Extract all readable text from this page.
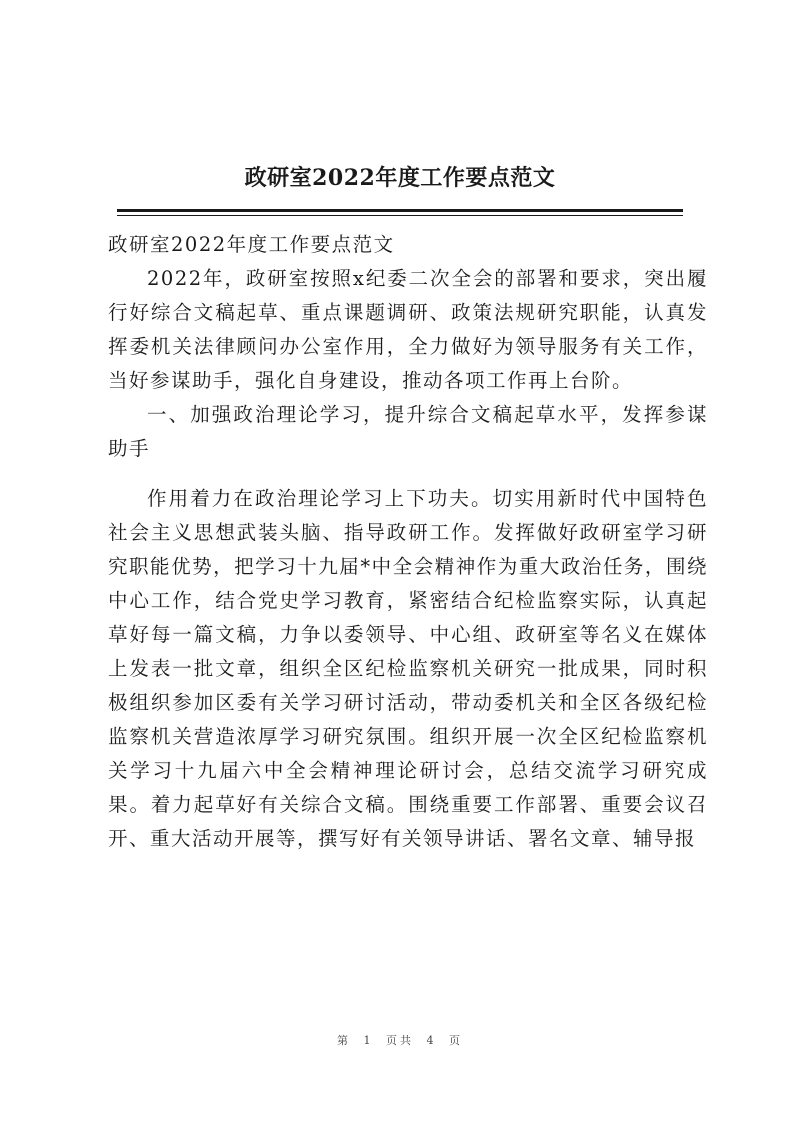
政研室2022年度工作要点范文

政研室2022年度工作要点范文

2022年，政研室按照x纪委二次全会的部署和要求，突出履行好综合文稿起草、重点课题调研、政策法规研究职能，认真发挥委机关法律顾问办公室作用，全力做好为领导服务有关工作，当好参谋助手，强化自身建设，推动各项工作再上台阶。

一、加强政治理论学习，提升综合文稿起草水平，发挥参谋助手

作用着力在政治理论学习上下功夫。切实用新时代中国特色社会主义思想武装头脑、指导政研工作。发挥做好政研室学习研究职能优势，把学习十九届*中全会精神作为重大政治任务，围绕中心工作，结合党史学习教育，紧密结合纪检监察实际，认真起草好每一篇文稿，力争以委领导、中心组、政研室等名义在媒体上发表一批文章，组织全区纪检监察机关研究一批成果，同时积极组织参加区委有关学习研讨活动，带动委机关和全区各级纪检监察机关营造浓厚学习研究氛围。组织开展一次全区纪检监察机关学习十九届六中全会精神理论研讨会，总结交流学习研究成果。着力起草好有关综合文稿。围绕重要工作部署、重要会议召开、重大活动开展等，撰写好有关领导讲话、署名文章、辅导报

第 1 页共 4 页
